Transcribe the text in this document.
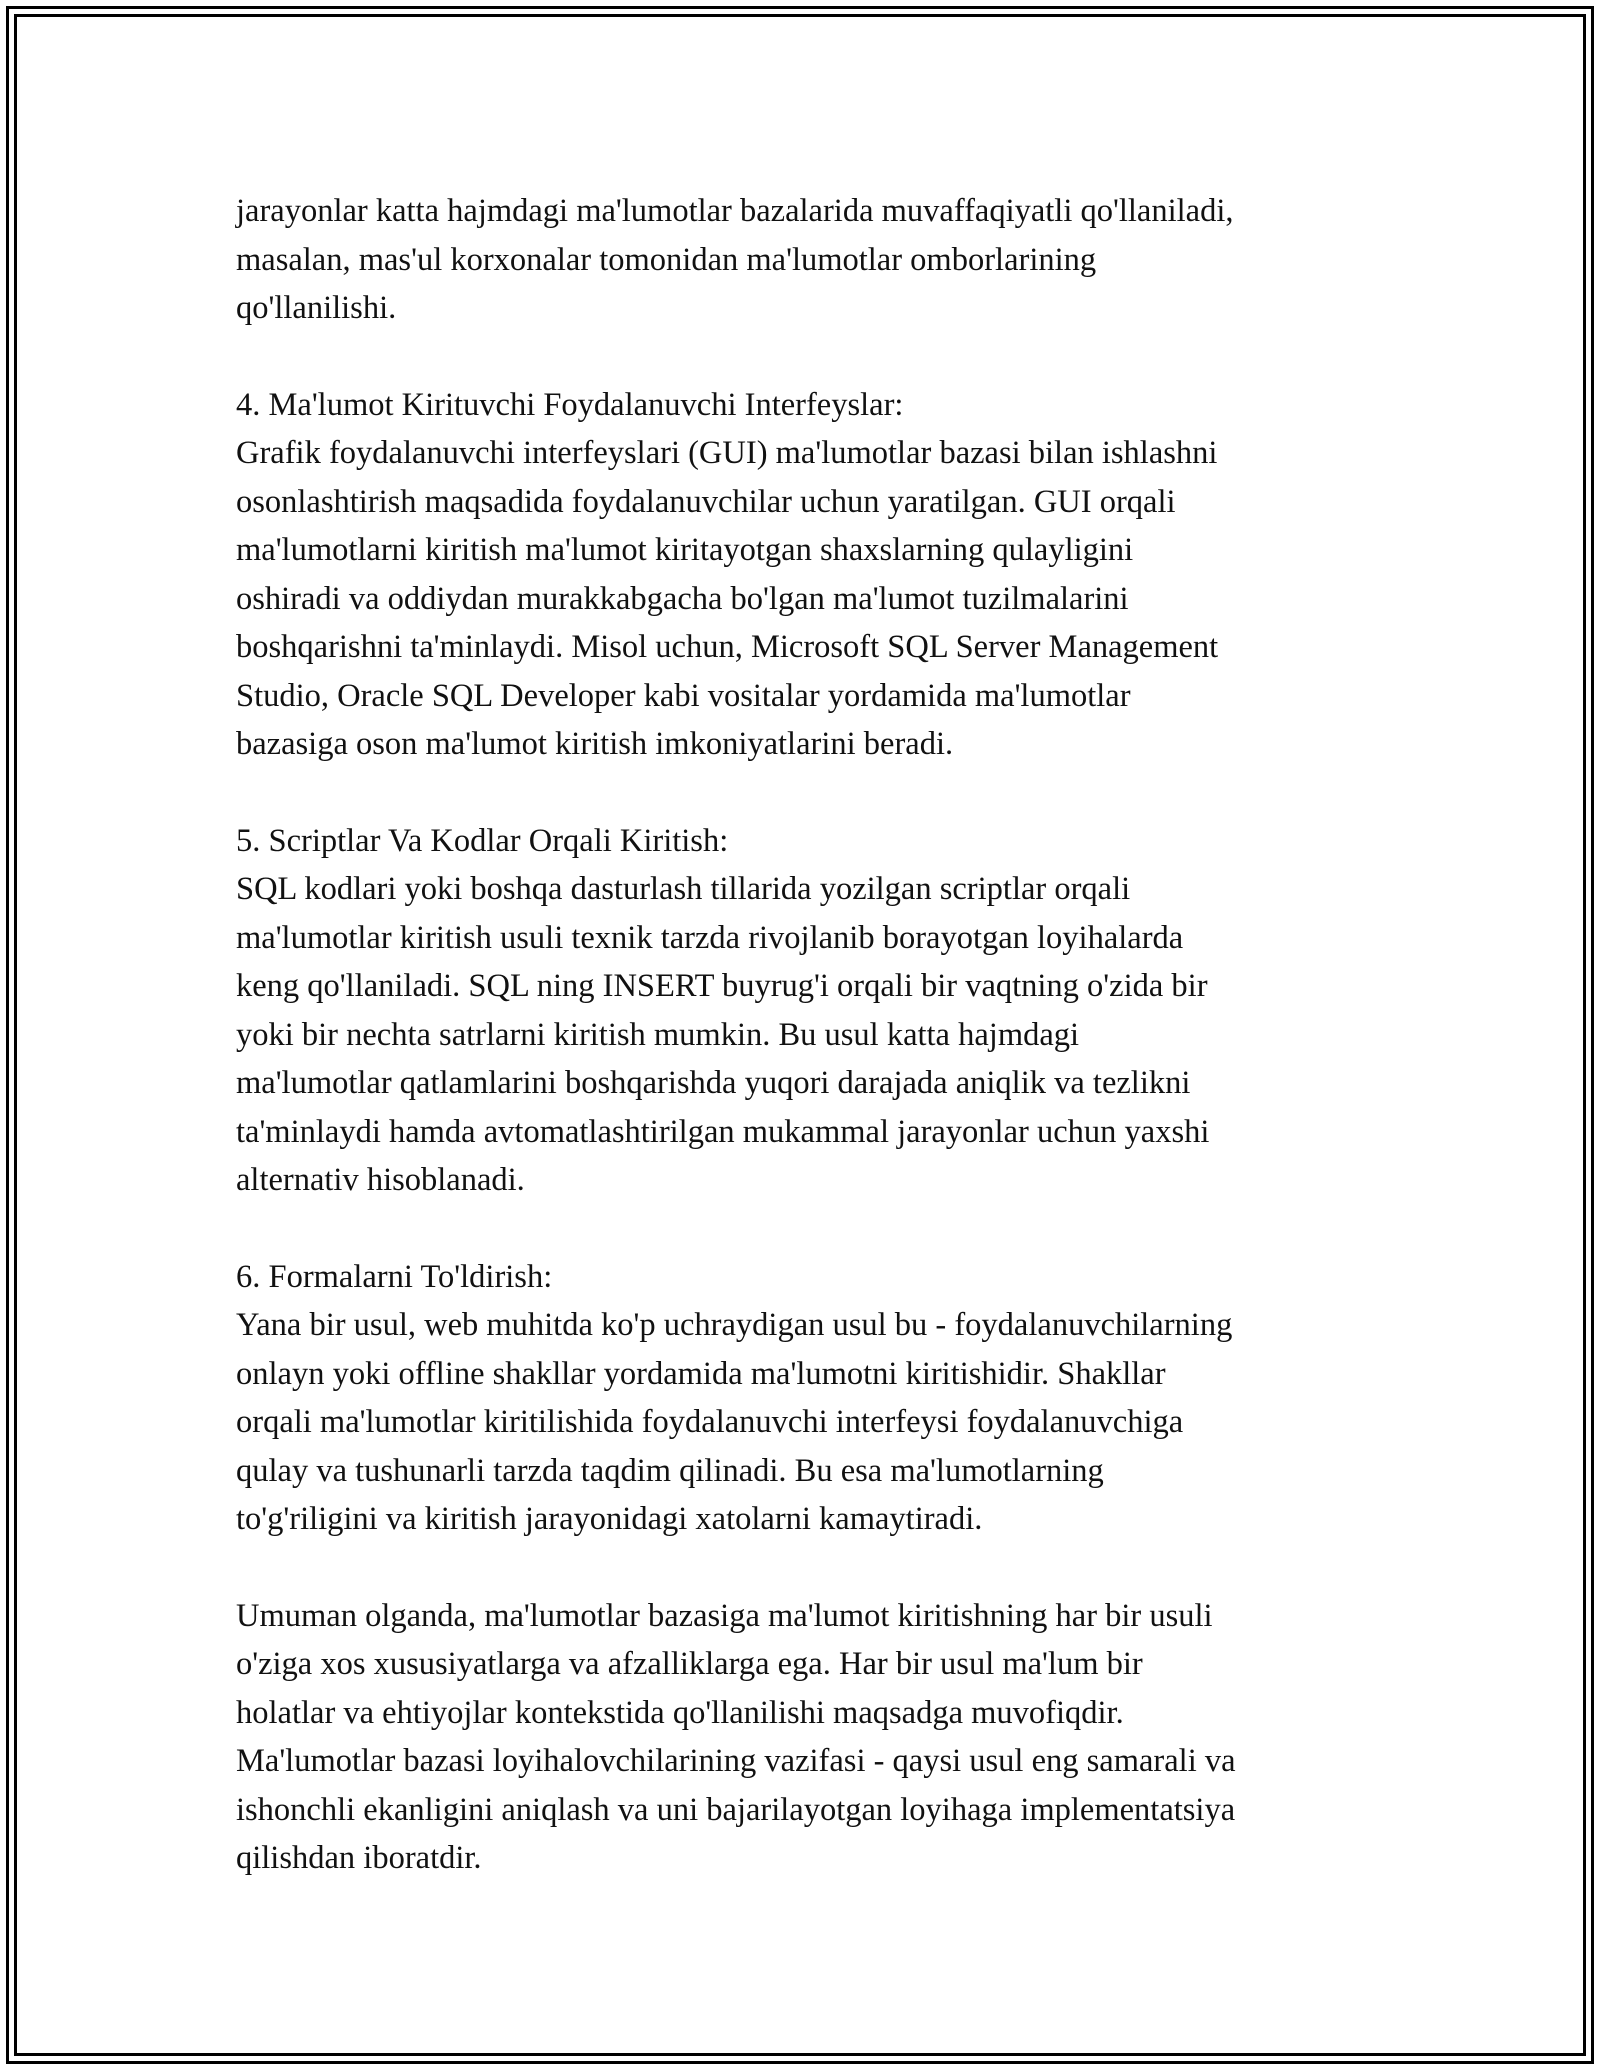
jarayonlar katta hajmdagi ma'lumotlar bazalarida muvaffaqiyatli qo'llaniladi,
masalan, mas'ul korxonalar tomonidan ma'lumotlar omborlarining
qo'llanilishi.

4. Ma'lumot Kirituvchi Foydalanuvchi Interfeyslar:
Grafik foydalanuvchi interfeyslari (GUI) ma'lumotlar bazasi bilan ishlashni
osonlashtirish maqsadida foydalanuvchilar uchun yaratilgan. GUI orqali
ma'lumotlarni kiritish ma'lumot kiritayotgan shaxslarning qulayligini
oshiradi va oddiydan murakkabgacha bo'lgan ma'lumot tuzilmalarini
boshqarishni ta'minlaydi. Misol uchun, Microsoft SQL Server Management
Studio, Oracle SQL Developer kabi vositalar yordamida ma'lumotlar
bazasiga oson ma'lumot kiritish imkoniyatlarini beradi.

5. Scriptlar Va Kodlar Orqali Kiritish:
SQL kodlari yoki boshqa dasturlash tillarida yozilgan scriptlar orqali
ma'lumotlar kiritish usuli texnik tarzda rivojlanib borayotgan loyihalarda
keng qo'llaniladi. SQL ning INSERT buyrug'i orqali bir vaqtning o'zida bir
yoki bir nechta satrlarni kiritish mumkin. Bu usul katta hajmdagi
ma'lumotlar qatlamlarini boshqarishda yuqori darajada aniqlik va tezlikni
ta'minlaydi hamda avtomatlashtirilgan mukammal jarayonlar uchun yaxshi
alternativ hisoblanadi.

6. Formalarni To'ldirish:
Yana bir usul, web muhitda ko'p uchraydigan usul bu - foydalanuvchilarning
onlayn yoki offline shakllar yordamida ma'lumotni kiritishidir. Shakllar
orqali ma'lumotlar kiritilishida foydalanuvchi interfeysi foydalanuvchiga
qulay va tushunarli tarzda taqdim qilinadi. Bu esa ma'lumotlarning
to'g'riligini va kiritish jarayonidagi xatolarni kamaytiradi.

Umuman olganda, ma'lumotlar bazasiga ma'lumot kiritishning har bir usuli
o'ziga xos xususiyatlarga va afzalliklarga ega. Har bir usul ma'lum bir
holatlar va ehtiyojlar kontekstida qo'llanilishi maqsadga muvofiqdir.
Ma'lumotlar bazasi loyihalovchilarining vazifasi - qaysi usul eng samarali va
ishonchli ekanligini aniqlash va uni bajarilayotgan loyihaga implementatsiya
qilishdan iboratdir.
